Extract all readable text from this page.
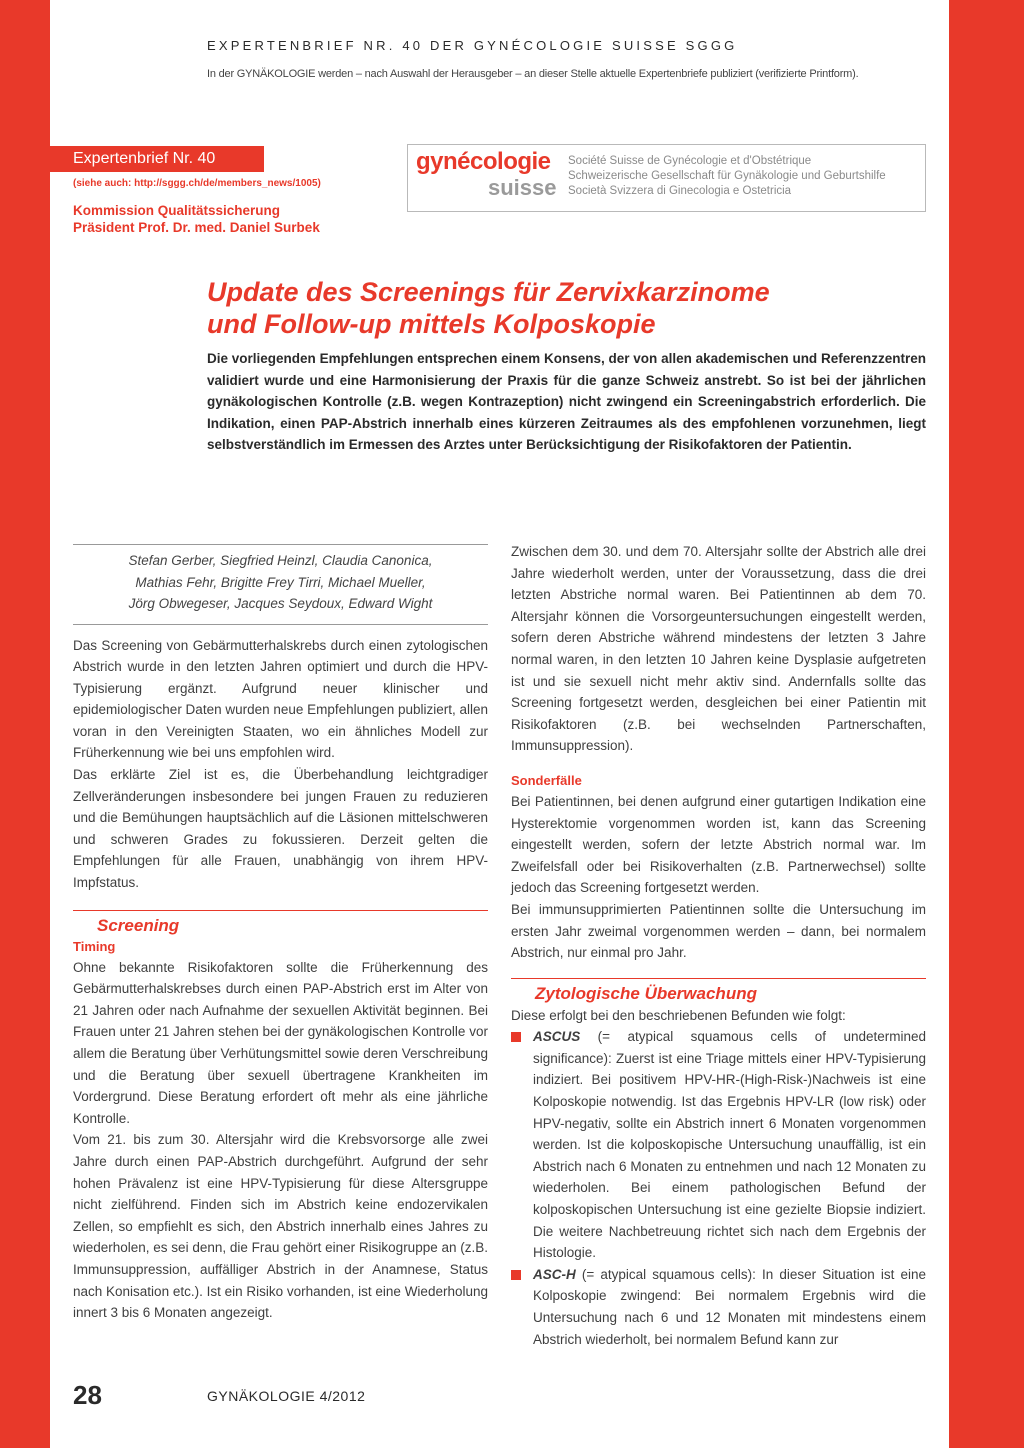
EXPERTENBRIEF NR. 40 DER GYNÉCOLOGIE SUISSE SGGG
In der GYNÄKOLOGIE werden – nach Auswahl der Herausgeber – an dieser Stelle aktuelle Expertenbriefe publiziert (verifizierte Printform).
Expertenbrief Nr. 40
(siehe auch: http://sggg.ch/de/members_news/1005)
Kommission Qualitätssicherung
Präsident Prof. Dr. med. Daniel Surbek
gynécologie
suisse
Société Suisse de Gynécologie et d'Obstétrique
Schweizerische Gesellschaft für Gynäkologie und Geburtshilfe
Società Svizzera di Ginecologia e Ostetricia
Update des Screenings für Zervixkarzinome
und Follow-up mittels Kolposkopie
Die vorliegenden Empfehlungen entsprechen einem Konsens, der von allen akademischen und Referenzzentren validiert wurde und eine Harmonisierung der Praxis für die ganze Schweiz anstrebt. So ist bei der jährlichen gynäkologischen Kontrolle (z.B. wegen Kontrazeption) nicht zwingend ein Screeningabstrich erforderlich. Die Indikation, einen PAP-Abstrich innerhalb eines kürzeren Zeitraumes als des empfohlenen vorzunehmen, liegt selbstverständlich im Ermessen des Arztes unter Berücksichtigung der Risikofaktoren der Patientin.
Stefan Gerber, Siegfried Heinzl, Claudia Canonica,
Mathias Fehr, Brigitte Frey Tirri, Michael Mueller,
Jörg Obwegeser, Jacques Seydoux, Edward Wight

Das Screening von Gebärmutterhalskrebs durch einen zytologischen Abstrich wurde in den letzten Jahren optimiert und durch die HPV-Typisierung ergänzt. Aufgrund neuer klinischer und epidemiologischer Daten wurden neue Empfehlungen publiziert, allen voran in den Vereinigten Staaten, wo ein ähnliches Modell zur Früherkennung wie bei uns empfohlen wird.

Das erklärte Ziel ist es, die Überbehandlung leichtgradiger Zellveränderungen insbesondere bei jungen Frauen zu reduzieren und die Bemühungen hauptsächlich auf die Läsionen mittelschweren und schweren Grades zu fokussieren. Derzeit gelten die Empfehlungen für alle Frauen, unabhängig von ihrem HPV-Impfstatus.

Screening
Timing

Ohne bekannte Risikofaktoren sollte die Früherkennung des Gebärmutterhalskrebses durch einen PAP-Abstrich erst im Alter von 21 Jahren oder nach Aufnahme der sexuellen Aktivität beginnen. Bei Frauen unter 21 Jahren stehen bei der gynäkologischen Kontrolle vor allem die Beratung über Verhütungsmittel sowie deren Verschreibung und die Beratung über sexuell übertragene Krankheiten im Vordergrund. Diese Beratung erfordert oft mehr als eine jährliche Kontrolle.

Vom 21. bis zum 30. Altersjahr wird die Krebsvorsorge alle zwei Jahre durch einen PAP-Abstrich durchgeführt. Aufgrund der sehr hohen Prävalenz ist eine HPV-Typisierung für diese Altersgruppe nicht zielführend. Finden sich im Abstrich keine endozervikalen Zellen, so empfiehlt es sich, den Abstrich innerhalb eines Jahres zu wiederholen, es sei denn, die Frau gehört einer Risikogruppe an (z.B. Immunsuppression, auffälliger Abstrich in der Anamnese, Status nach Konisation etc.). Ist ein Risiko vorhanden, ist eine Wiederholung innert 3 bis 6 Monaten angezeigt.

Zwischen dem 30. und dem 70. Altersjahr sollte der Abstrich alle drei Jahre wiederholt werden, unter der Voraussetzung, dass die drei letzten Abstriche normal waren. Bei Patientinnen ab dem 70. Altersjahr können die Vorsorgeuntersuchungen eingestellt werden, sofern deren Abstriche während mindestens der letzten 3 Jahre normal waren, in den letzten 10 Jahren keine Dysplasie aufgetreten ist und sie sexuell nicht mehr aktiv sind. Andernfalls sollte das Screening fortgesetzt werden, desgleichen bei einer Patientin mit Risikofaktoren (z.B. bei wechselnden Partnerschaften, Immunsuppression).

Sonderfälle

Bei Patientinnen, bei denen aufgrund einer gutartigen Indikation eine Hysterektomie vorgenommen worden ist, kann das Screening eingestellt werden, sofern der letzte Abstrich normal war. Im Zweifelsfall oder bei Risikoverhalten (z.B. Partnerwechsel) sollte jedoch das Screening fortgesetzt werden.

Bei immunsupprimierten Patientinnen sollte die Untersuchung im ersten Jahr zweimal vorgenommen werden – dann, bei normalem Abstrich, nur einmal pro Jahr.

Zytologische Überwachung

Diese erfolgt bei den beschriebenen Befunden wie folgt:

ASCUS (= atypical squamous cells of undetermined significance): Zuerst ist eine Triage mittels einer HPV-Typisierung indiziert. Bei positivem HPV-HR-(High-Risk-)Nachweis ist eine Kolposkopie notwendig. Ist das Ergebnis HPV-LR (low risk) oder HPV-negativ, sollte ein Abstrich innert 6 Monaten vorgenommen werden. Ist die kolposkopische Untersuchung unauffällig, ist ein Abstrich nach 6 Monaten zu entnehmen und nach 12 Monaten zu wiederholen. Bei einem pathologischen Befund der kolposkopischen Untersuchung ist eine gezielte Biopsie indiziert. Die weitere Nachbetreuung richtet sich nach dem Ergebnis der Histologie.
ASC-H (= atypical squamous cells): In dieser Situation ist eine Kolposkopie zwingend: Bei normalem Ergebnis wird die Untersuchung nach 6 und 12 Monaten mit mindestens einem Abstrich wiederholt, bei normalem Befund kann zur
28	GYNÄKOLOGIE 4/2012
